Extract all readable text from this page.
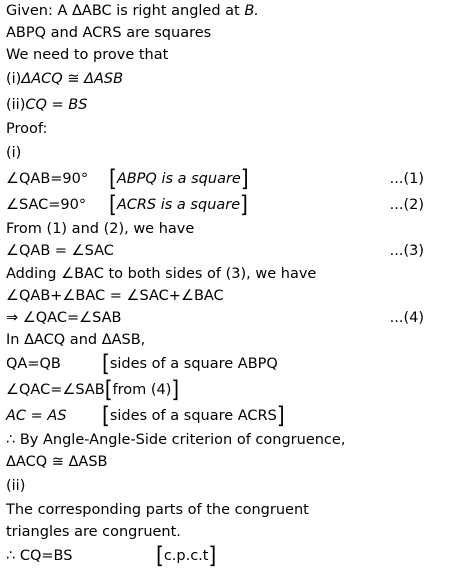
Given: A ΔABC is right angled at B.
ABPQ and ACRS are squares
We need to prove that
(i)ΔACQ ≅ ΔASB
(ii)CQ = BS
Proof:
(i)
∠QAB=90° [ABPQ is a square]	...(1)
∠SAC=90° [ACRS is a square]	...(2)
From (1) and (2), we have
∠QAB = ∠SAC	...(3)
Adding ∠BAC to both sides of (3), we have
∠QAB+∠BAC = ∠SAC+∠BAC
⇒ ∠QAC=∠SAB	...(4)
In ΔACQ and ΔASB,
QA=QB [sides of a square ABPQ
∠QAC=∠SAB[from (4)]
AC = AS [sides of a square ACRS]
∴ By Angle-Angle-Side criterion of congruence,
ΔACQ ≅ ΔASB
(ii)
The corresponding parts of the congruent
triangles are congruent.
∴ CQ=BS	[c.p.c.t]
